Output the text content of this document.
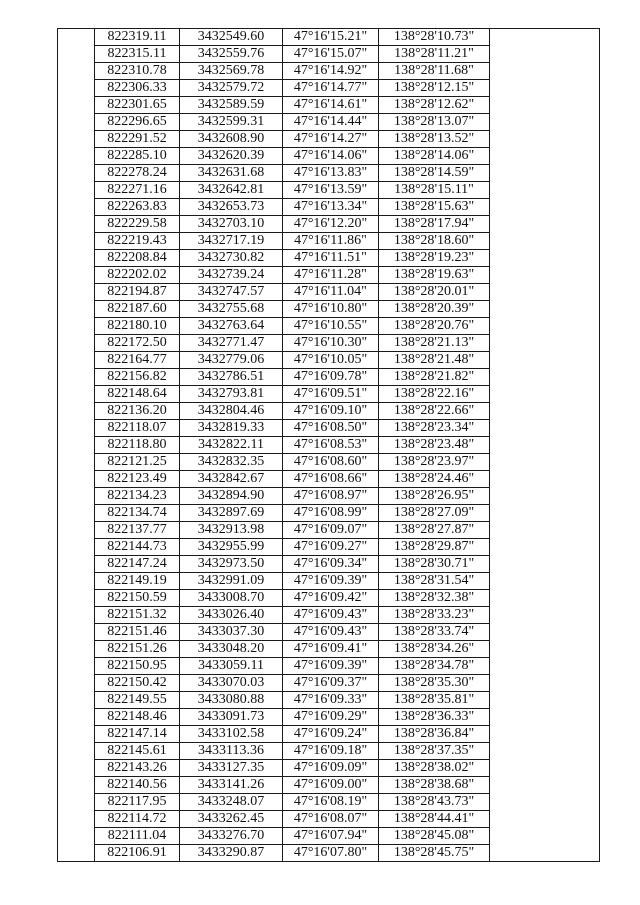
	822319.11	3432549.60	47°16'15.21"	138°28'10.73"	
	822315.11	3432559.76	47°16'15.07"	138°28'11.21"	
	822310.78	3432569.78	47°16'14.92"	138°28'11.68"	
	822306.33	3432579.72	47°16'14.77"	138°28'12.15"	
	822301.65	3432589.59	47°16'14.61"	138°28'12.62"	
	822296.65	3432599.31	47°16'14.44"	138°28'13.07"	
	822291.52	3432608.90	47°16'14.27"	138°28'13.52"	
	822285.10	3432620.39	47°16'14.06"	138°28'14.06"	
	822278.24	3432631.68	47°16'13.83"	138°28'14.59"	
	822271.16	3432642.81	47°16'13.59"	138°28'15.11"	
	822263.83	3432653.73	47°16'13.34"	138°28'15.63"	
	822229.58	3432703.10	47°16'12.20"	138°28'17.94"	
	822219.43	3432717.19	47°16'11.86"	138°28'18.60"	
	822208.84	3432730.82	47°16'11.51"	138°28'19.23"	
	822202.02	3432739.24	47°16'11.28"	138°28'19.63"	
	822194.87	3432747.57	47°16'11.04"	138°28'20.01"	
	822187.60	3432755.68	47°16'10.80"	138°28'20.39"	
	822180.10	3432763.64	47°16'10.55"	138°28'20.76"	
	822172.50	3432771.47	47°16'10.30"	138°28'21.13"	
	822164.77	3432779.06	47°16'10.05"	138°28'21.48"	
	822156.82	3432786.51	47°16'09.78"	138°28'21.82"	
	822148.64	3432793.81	47°16'09.51"	138°28'22.16"	
	822136.20	3432804.46	47°16'09.10"	138°28'22.66"	
	822118.07	3432819.33	47°16'08.50"	138°28'23.34"	
	822118.80	3432822.11	47°16'08.53"	138°28'23.48"	
	822121.25	3432832.35	47°16'08.60"	138°28'23.97"	
	822123.49	3432842.67	47°16'08.66"	138°28'24.46"	
	822134.23	3432894.90	47°16'08.97"	138°28'26.95"	
	822134.74	3432897.69	47°16'08.99"	138°28'27.09"	
	822137.77	3432913.98	47°16'09.07"	138°28'27.87"	
	822144.73	3432955.99	47°16'09.27"	138°28'29.87"	
	822147.24	3432973.50	47°16'09.34"	138°28'30.71"	
	822149.19	3432991.09	47°16'09.39"	138°28'31.54"	
	822150.59	3433008.70	47°16'09.42"	138°28'32.38"	
	822151.32	3433026.40	47°16'09.43"	138°28'33.23"	
	822151.46	3433037.30	47°16'09.43"	138°28'33.74"	
	822151.26	3433048.20	47°16'09.41"	138°28'34.26"	
	822150.95	3433059.11	47°16'09.39"	138°28'34.78"	
	822150.42	3433070.03	47°16'09.37"	138°28'35.30"	
	822149.55	3433080.88	47°16'09.33"	138°28'35.81"	
	822148.46	3433091.73	47°16'09.29"	138°28'36.33"	
	822147.14	3433102.58	47°16'09.24"	138°28'36.84"	
	822145.61	3433113.36	47°16'09.18"	138°28'37.35"	
	822143.26	3433127.35	47°16'09.09"	138°28'38.02"	
	822140.56	3433141.26	47°16'09.00"	138°28'38.68"	
	822117.95	3433248.07	47°16'08.19"	138°28'43.73"	
	822114.72	3433262.45	47°16'08.07"	138°28'44.41"	
	822111.04	3433276.70	47°16'07.94"	138°28'45.08"	
	822106.91	3433290.87	47°16'07.80"	138°28'45.75"	
